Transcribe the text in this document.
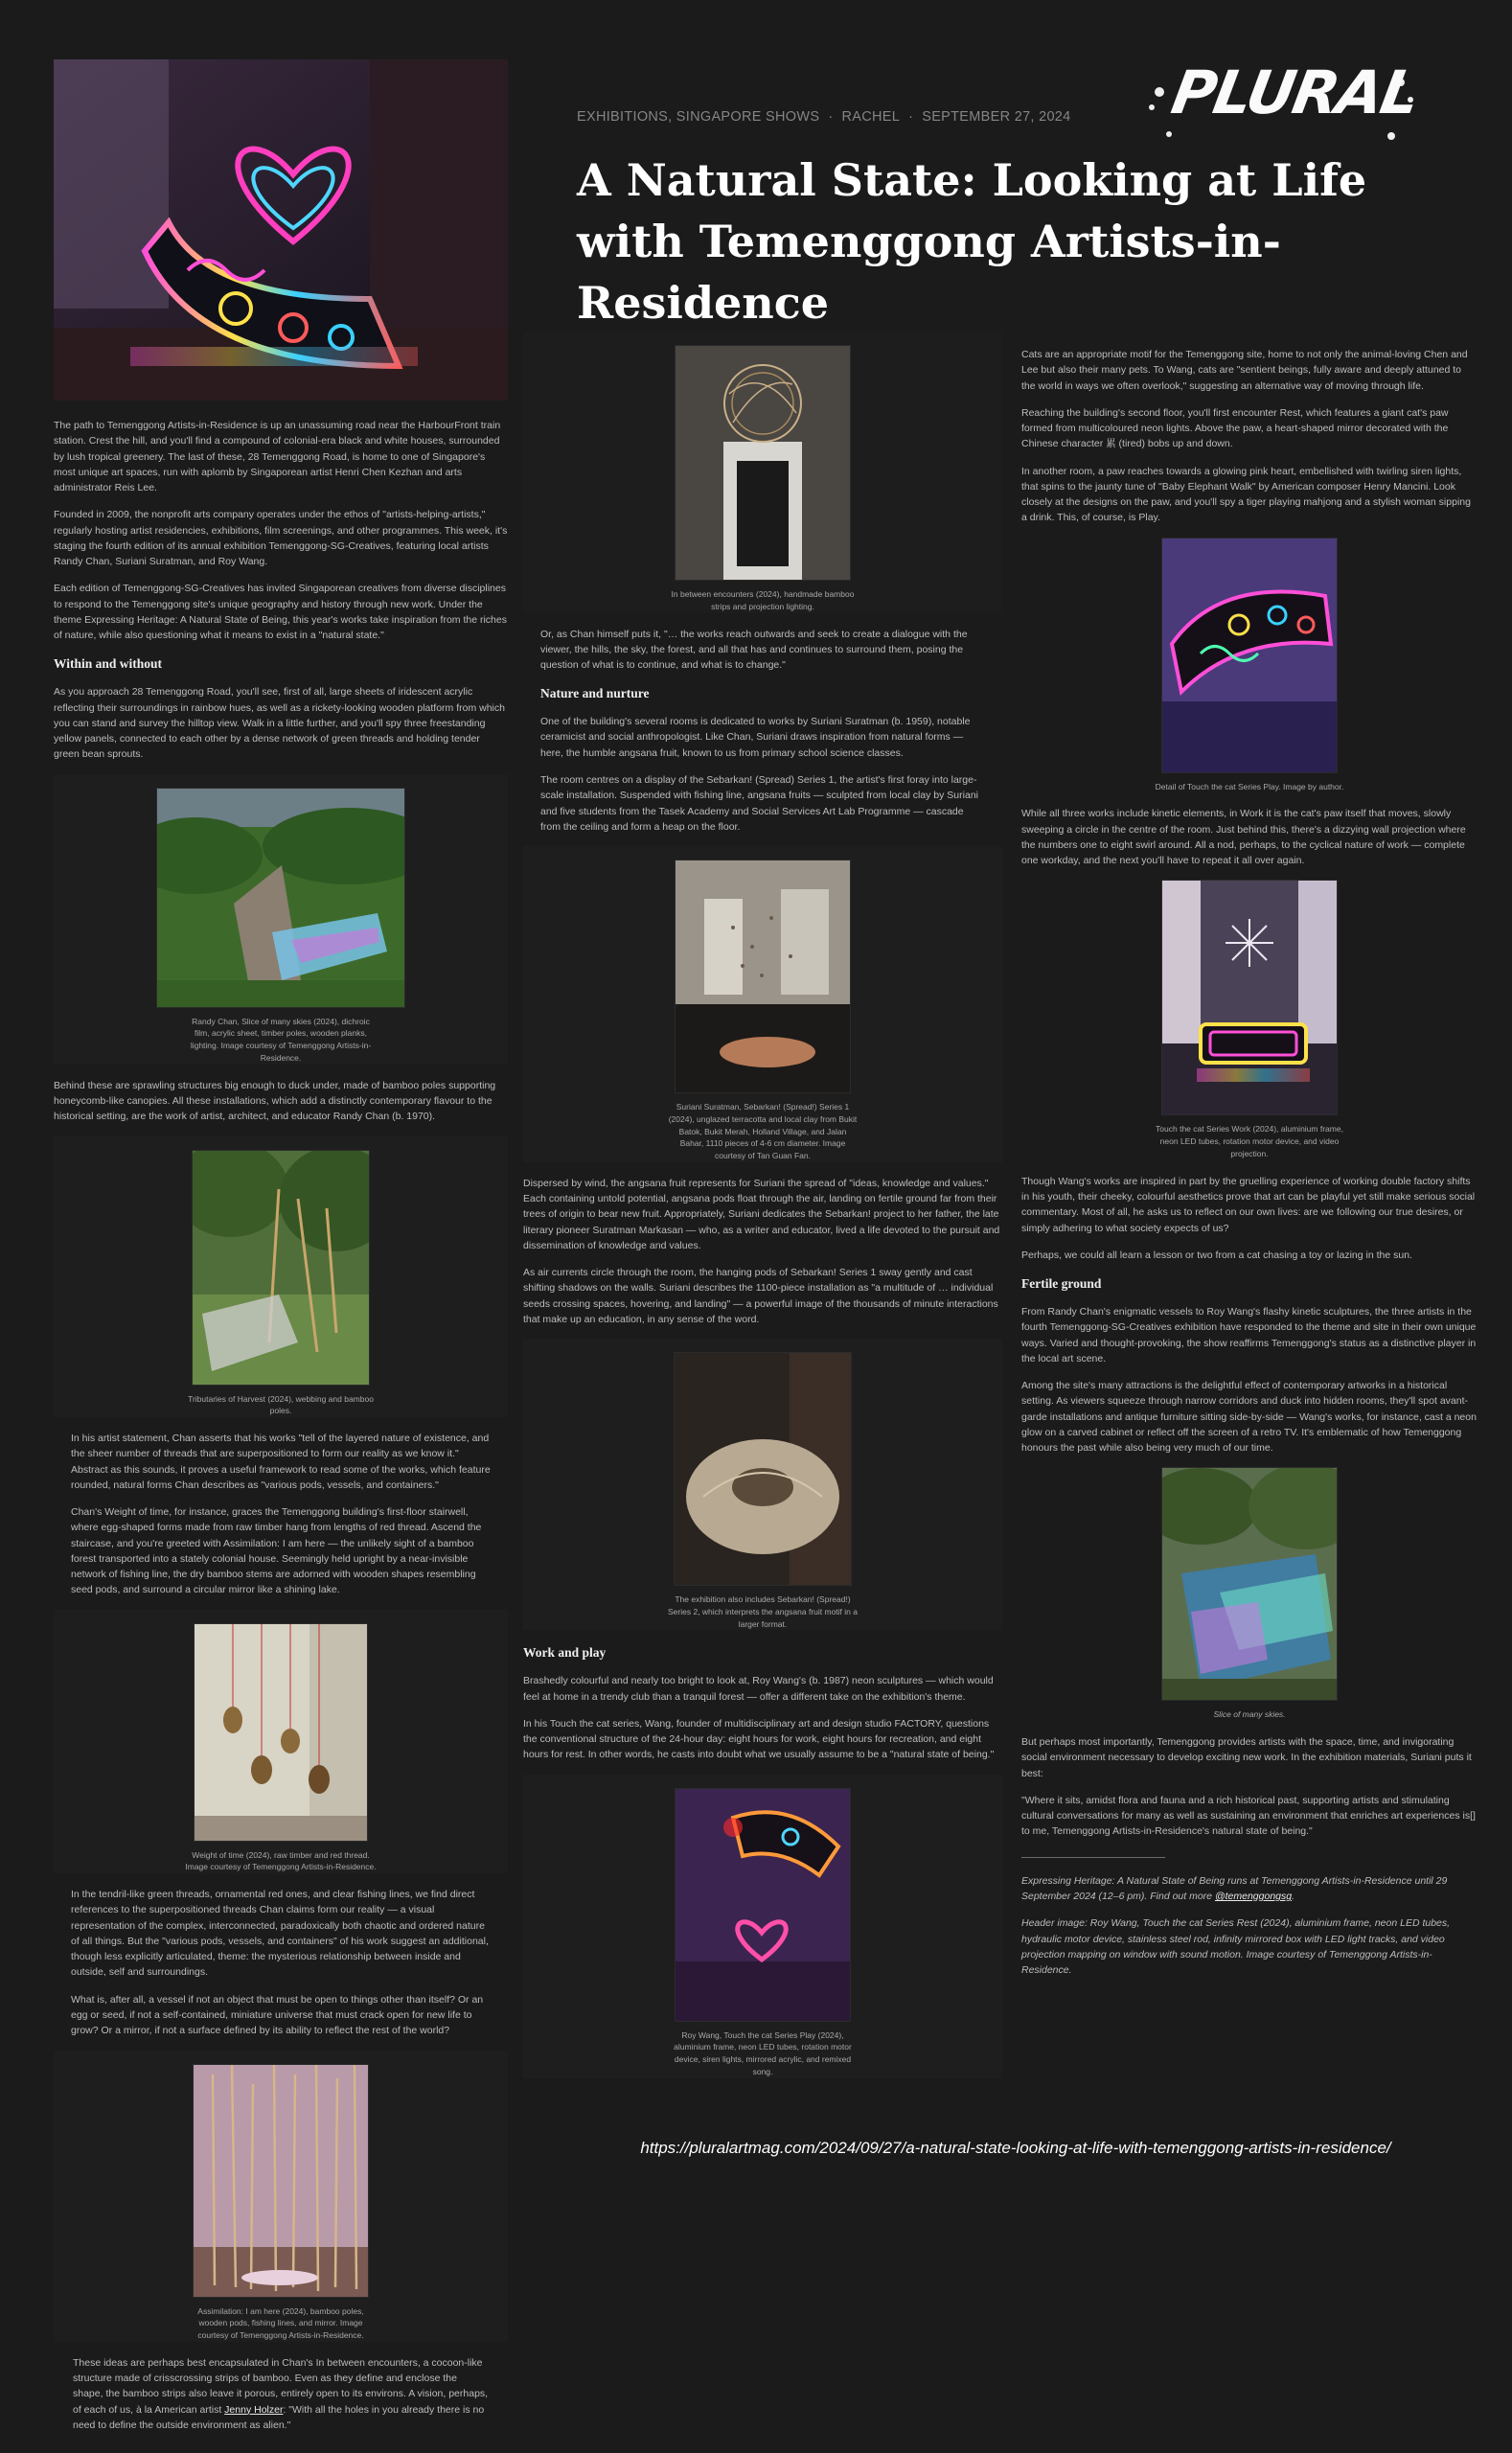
EXHIBITIONS, SINGAPORE SHOWS · RACHEL · SEPTEMBER 27, 2024
A Natural State: Looking at Life with Temenggong Artists-in-Residence
PLURAL

The path to Temenggong Artists-in-Residence is up an unassuming road near the HarbourFront train station. Crest the hill, and you'll find a compound of colonial-era black and white houses, surrounded by lush tropical greenery. The last of these, 28 Temenggong Road, is home to one of Singapore's most unique art spaces, run with aplomb by Singaporean artist Henri Chen Kezhan and arts administrator Reis Lee.

Founded in 2009, the nonprofit arts company operates under the ethos of "artists-helping-artists," regularly hosting artist residencies, exhibitions, film screenings, and other programmes. This week, it's staging the fourth edition of its annual exhibition Temenggong-SG-Creatives, featuring local artists Randy Chan, Suriani Suratman, and Roy Wang.

Each edition of Temenggong-SG-Creatives has invited Singaporean creatives from diverse disciplines to respond to the Temenggong site's unique geography and history through new work. Under the theme Expressing Heritage: A Natural State of Being, this year's works take inspiration from the riches of nature, while also questioning what it means to exist in a "natural state."

Within and without

As you approach 28 Temenggong Road, you'll see, first of all, large sheets of iridescent acrylic reflecting their surroundings in rainbow hues, as well as a rickety-looking wooden platform from which you can stand and survey the hilltop view. Walk in a little further, and you'll spy three freestanding yellow panels, connected to each other by a dense network of green threads and holding tender green bean sprouts.

Randy Chan, Slice of many skies (2024), dichroic film, acrylic sheet, timber poles, wooden planks, lighting. Image courtesy of Temenggong Artists-in-Residence.

Behind these are sprawling structures big enough to duck under, made of bamboo poles supporting honeycomb-like canopies. All these installations, which add a distinctly contemporary flavour to the historical setting, are the work of artist, architect, and educator Randy Chan (b. 1970).

Tributaries of Harvest (2024), webbing and bamboo poles.

In his artist statement, Chan asserts that his works "tell of the layered nature of existence, and the sheer number of threads that are superpositioned to form our reality as we know it." Abstract as this sounds, it proves a useful framework to read some of the works, which feature rounded, natural forms Chan describes as "various pods, vessels, and containers."

Chan's Weight of time, for instance, graces the Temenggong building's first-floor stairwell, where egg-shaped forms made from raw timber hang from lengths of red thread. Ascend the staircase, and you're greeted with Assimilation: I am here — the unlikely sight of a bamboo forest transported into a stately colonial house. Seemingly held upright by a near-invisible network of fishing line, the dry bamboo stems are adorned with wooden shapes resembling seed pods, and surround a circular mirror like a shining lake.

Weight of time (2024), raw timber and red thread. Image courtesy of Temenggong Artists-in-Residence.

In the tendril-like green threads, ornamental red ones, and clear fishing lines, we find direct references to the superpositioned threads Chan claims form our reality — a visual representation of the complex, interconnected, paradoxically both chaotic and ordered nature of all things. But the "various pods, vessels, and containers" of his work suggest an additional, though less explicitly articulated, theme: the mysterious relationship between inside and outside, self and surroundings.

What is, after all, a vessel if not an object that must be open to things other than itself? Or an egg or seed, if not a self-contained, miniature universe that must crack open for new life to grow? Or a mirror, if not a surface defined by its ability to reflect the rest of the world?

Assimilation: I am here (2024), bamboo poles, wooden pods, fishing lines, and mirror. Image courtesy of Temenggong Artists-in-Residence.

These ideas are perhaps best encapsulated in Chan's In between encounters, a cocoon-like structure made of crisscrossing strips of bamboo. Even as they define and enclose the shape, the bamboo strips also leave it porous, entirely open to its environs. A vision, perhaps, of each of us, à la American artist Jenny Holzer: "With all the holes in you already there is no need to define the outside environment as alien."

In between encounters (2024), handmade bamboo strips and projection lighting.

Or, as Chan himself puts it, "… the works reach outwards and seek to create a dialogue with the viewer, the hills, the sky, the forest, and all that has and continues to surround them, posing the question of what is to continue, and what is to change."

Nature and nurture

One of the building's several rooms is dedicated to works by Suriani Suratman (b. 1959), notable ceramicist and social anthropologist. Like Chan, Suriani draws inspiration from natural forms — here, the humble angsana fruit, known to us from primary school science classes.

The room centres on a display of the Sebarkan! (Spread) Series 1, the artist's first foray into large-scale installation. Suspended with fishing line, angsana fruits — sculpted from local clay by Suriani and five students from the Tasek Academy and Social Services Art Lab Programme — cascade from the ceiling and form a heap on the floor.

Suriani Suratman, Sebarkan! (Spread!) Series 1 (2024), unglazed terracotta and local clay from Bukit Batok, Bukit Merah, Holland Village, and Jalan Bahar, 1110 pieces of 4-6 cm diameter. Image courtesy of Tan Guan Fan.

Dispersed by wind, the angsana fruit represents for Suriani the spread of "ideas, knowledge and values." Each containing untold potential, angsana pods float through the air, landing on fertile ground far from their trees of origin to bear new fruit. Appropriately, Suriani dedicates the Sebarkan! project to her father, the late literary pioneer Suratman Markasan — who, as a writer and educator, lived a life devoted to the pursuit and dissemination of knowledge and values.

As air currents circle through the room, the hanging pods of Sebarkan! Series 1 sway gently and cast shifting shadows on the walls. Suriani describes the 1100-piece installation as "a multitude of … individual seeds crossing spaces, hovering, and landing" — a powerful image of the thousands of minute interactions that make up an education, in any sense of the word.

The exhibition also includes Sebarkan! (Spread!) Series 2, which interprets the angsana fruit motif in a larger format.
Work and play

Brashedly colourful and nearly too bright to look at, Roy Wang's (b. 1987) neon sculptures — which would feel at home in a trendy club than a tranquil forest — offer a different take on the exhibition's theme.

In his Touch the cat series, Wang, founder of multidisciplinary art and design studio FACTORY, questions the conventional structure of the 24-hour day: eight hours for work, eight hours for recreation, and eight hours for rest. In other words, he casts into doubt what we usually assume to be a "natural state of being."

Roy Wang, Touch the cat Series Play (2024), aluminium frame, neon LED tubes, rotation motor device, siren lights, mirrored acrylic, and remixed song.

Cats are an appropriate motif for the Temenggong site, home to not only the animal-loving Chen and Lee but also their many pets. To Wang, cats are "sentient beings, fully aware and deeply attuned to the world in ways we often overlook," suggesting an alternative way of moving through life.

Reaching the building's second floor, you'll first encounter Rest, which features a giant cat's paw formed from multicoloured neon lights. Above the paw, a heart-shaped mirror decorated with the Chinese character 累 (tired) bobs up and down.

In another room, a paw reaches towards a glowing pink heart, embellished with twirling siren lights, that spins to the jaunty tune of "Baby Elephant Walk" by American composer Henry Mancini. Look closely at the designs on the paw, and you'll spy a tiger playing mahjong and a stylish woman sipping a drink. This, of course, is Play.

Detail of Touch the cat Series Play. Image by author.

While all three works include kinetic elements, in Work it is the cat's paw itself that moves, slowly sweeping a circle in the centre of the room. Just behind this, there's a dizzying wall projection where the numbers one to eight swirl around. All a nod, perhaps, to the cyclical nature of work — complete one workday, and the next you'll have to repeat it all over again.

Touch the cat Series Work (2024), aluminium frame, neon LED tubes, rotation motor device, and video projection.

Though Wang's works are inspired in part by the gruelling experience of working double factory shifts in his youth, their cheeky, colourful aesthetics prove that art can be playful yet still make serious social commentary. Most of all, he asks us to reflect on our own lives: are we following our true desires, or simply adhering to what society expects of us?

Perhaps, we could all learn a lesson or two from a cat chasing a toy or lazing in the sun.

Fertile ground

From Randy Chan's enigmatic vessels to Roy Wang's flashy kinetic sculptures, the three artists in the fourth Temenggong-SG-Creatives exhibition have responded to the theme and site in their own unique ways. Varied and thought-provoking, the show reaffirms Temenggong's status as a distinctive player in the local art scene.

Among the site's many attractions is the delightful effect of contemporary artworks in a historical setting. As viewers squeeze through narrow corridors and duck into hidden rooms, they'll spot avant-garde installations and antique furniture sitting side-by-side — Wang's works, for instance, cast a neon glow on a carved cabinet or reflect off the screen of a retro TV. It's emblematic of how Temenggong honours the past while also being very much of our time.

Slice of many skies.

But perhaps most importantly, Temenggong provides artists with the space, time, and invigorating social environment necessary to develop exciting new work. In the exhibition materials, Suriani puts it best:

"Where it sits, amidst flora and fauna and a rich historical past, supporting artists and stimulating cultural conversations for many as well as sustaining an environment that enriches art experiences is[] to me, Temenggong Artists-in-Residence's natural state of being."

Expressing Heritage: A Natural State of Being runs at Temenggong Artists-in-Residence until 29 September 2024 (12–6 pm). Find out more @temenggongsg.

Header image: Roy Wang, Touch the cat Series Rest (2024), aluminium frame, neon LED tubes, hydraulic motor device, stainless steel rod, infinity mirrored box with LED light tracks, and video projection mapping on window with sound motion. Image courtesy of Temenggong Artists-in-Residence.

https://pluralartmag.com/2024/09/27/a-natural-state-looking-at-life-with-temenggong-artists-in-residence/
